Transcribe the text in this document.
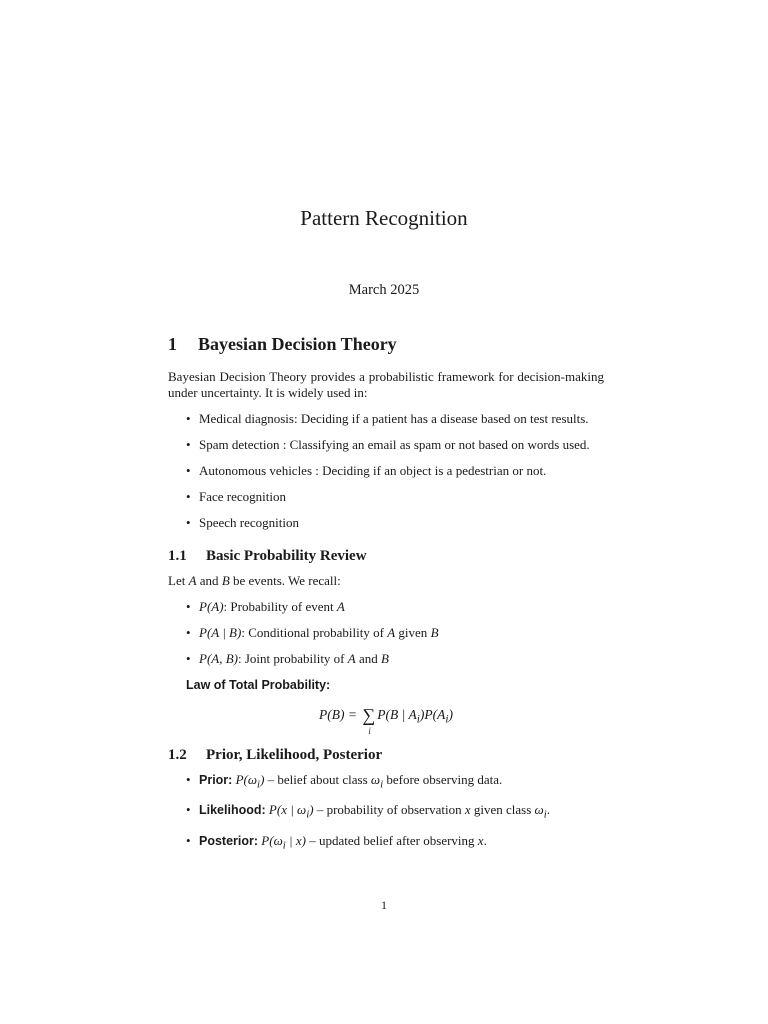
Pattern Recognition
March 2025
1 Bayesian Decision Theory

Bayesian Decision Theory provides a probabilistic framework for decision-making under uncertainty. It is widely used in:

• Medical diagnosis: Deciding if a patient has a disease based on test results.
• Spam detection : Classifying an email as spam or not based on words used.
• Autonomous vehicles : Deciding if an object is a pedestrian or not.
• Face recognition
• Speech recognition
1.1 Basic Probability Review

Let A and B be events. We recall:

• P(A): Probability of event A
• P(A | B): Conditional probability of A given B
• P(A, B): Joint probability of A and B
Law of Total Probability:
P(B) = ∑
i
P(B | $A_i)P(A_i)$
1.2 Prior, Likelihood, Posterior
• Prior: $P(\omega_i)$ – belief about class $\omega_i$ before observing data.
• Likelihood: P(x | $\omega_i$) – probability of observation x given class $\omega_i$.
• Posterior: $P(\omega_i$ | x) – updated belief after observing x.
1
